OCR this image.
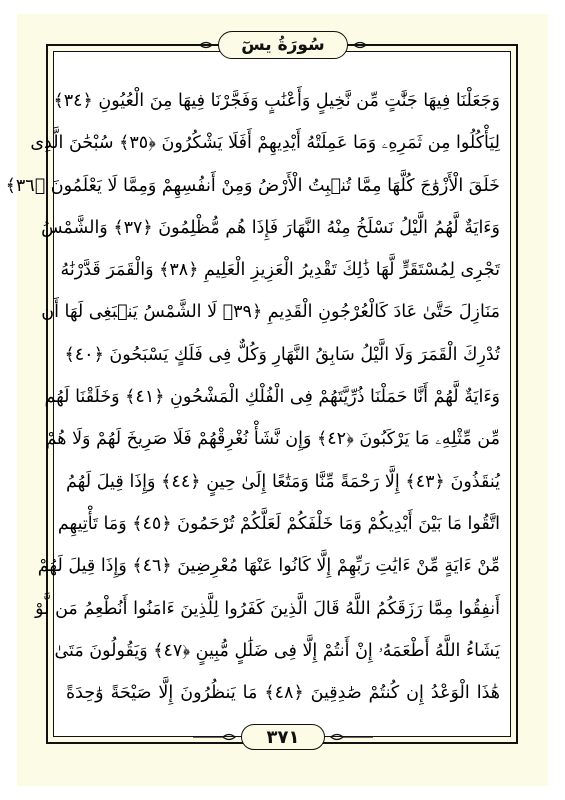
سُورَةُ يسٓ
وَجَعَلْنَا فِيهَا جَنَّٰتٍ مِّن نَّخِيلٍ وَأَعْنَٰبٍ وَفَجَّرْنَا فِيهَا مِنَ الْعُيُونِ ﴿٣٤﴾
لِيَأْكُلُوا مِن ثَمَرِهِۦ وَمَا عَمِلَتْهُ أَيْدِيهِمْ أَفَلَا يَشْكُرُونَ ﴿٣٥﴾ سُبْحَٰنَ الَّذِى
خَلَقَ الْأَزْوَٰجَ كُلَّهَا مِمَّا تُنۢبِتُ الْأَرْضُ وَمِنْ أَنفُسِهِمْ وَمِمَّا لَا يَعْلَمُونَ ﴿٣٦﴾
وَءَايَةٌ لَّهُمُ الَّيْلُ نَسْلَخُ مِنْهُ النَّهَارَ فَإِذَا هُم مُّظْلِمُونَ ﴿٣٧﴾ وَالشَّمْسُ
تَجْرِى لِمُسْتَقَرٍّ لَّهَا ذَٰلِكَ تَقْدِيرُ الْعَزِيزِ الْعَلِيمِ ﴿٣٨﴾ وَالْقَمَرَ قَدَّرْنَٰهُ
مَنَازِلَ حَتَّىٰ عَادَ كَالْعُرْجُونِ الْقَدِيمِ ﴿٣٩﴾ لَا الشَّمْسُ يَنۢبَغِى لَهَا أَن
تُدْرِكَ الْقَمَرَ وَلَا الَّيْلُ سَابِقُ النَّهَارِ وَكُلٌّ فِى فَلَكٍ يَسْبَحُونَ ﴿٤٠﴾
وَءَايَةٌ لَّهُمْ أَنَّا حَمَلْنَا ذُرِّيَّتَهُمْ فِى الْفُلْكِ الْمَشْحُونِ ﴿٤١﴾ وَخَلَقْنَا لَهُم
مِّن مِّثْلِهِۦ مَا يَرْكَبُونَ ﴿٤٢﴾ وَإِن نَّشَأْ نُغْرِقْهُمْ فَلَا صَرِيخَ لَهُمْ وَلَا هُمْ
يُنقَذُونَ ﴿٤٣﴾ إِلَّا رَحْمَةً مِّنَّا وَمَتَٰعًا إِلَىٰ حِينٍ ﴿٤٤﴾ وَإِذَا قِيلَ لَهُمُ
اتَّقُوا مَا بَيْنَ أَيْدِيكُمْ وَمَا خَلْفَكُمْ لَعَلَّكُمْ تُرْحَمُونَ ﴿٤٥﴾ وَمَا تَأْتِيهِم
مِّنْ ءَايَةٍ مِّنْ ءَايَٰتِ رَبِّهِمْ إِلَّا كَانُوا عَنْهَا مُعْرِضِينَ ﴿٤٦﴾ وَإِذَا قِيلَ لَهُمْ
أَنفِقُوا مِمَّا رَزَقَكُمُ اللَّهُ قَالَ الَّذِينَ كَفَرُوا لِلَّذِينَ ءَامَنُوا أَنُطْعِمُ مَن لَّوْ
يَشَاءُ اللَّهُ أَطْعَمَهُۥ إِنْ أَنتُمْ إِلَّا فِى ضَلَٰلٍ مُّبِينٍ ﴿٤٧﴾ وَيَقُولُونَ مَتَىٰ
هَٰذَا الْوَعْدُ إِن كُنتُمْ صَٰدِقِينَ ﴿٤٨﴾ مَا يَنظُرُونَ إِلَّا صَيْحَةً وَٰحِدَةً
٣٧١
